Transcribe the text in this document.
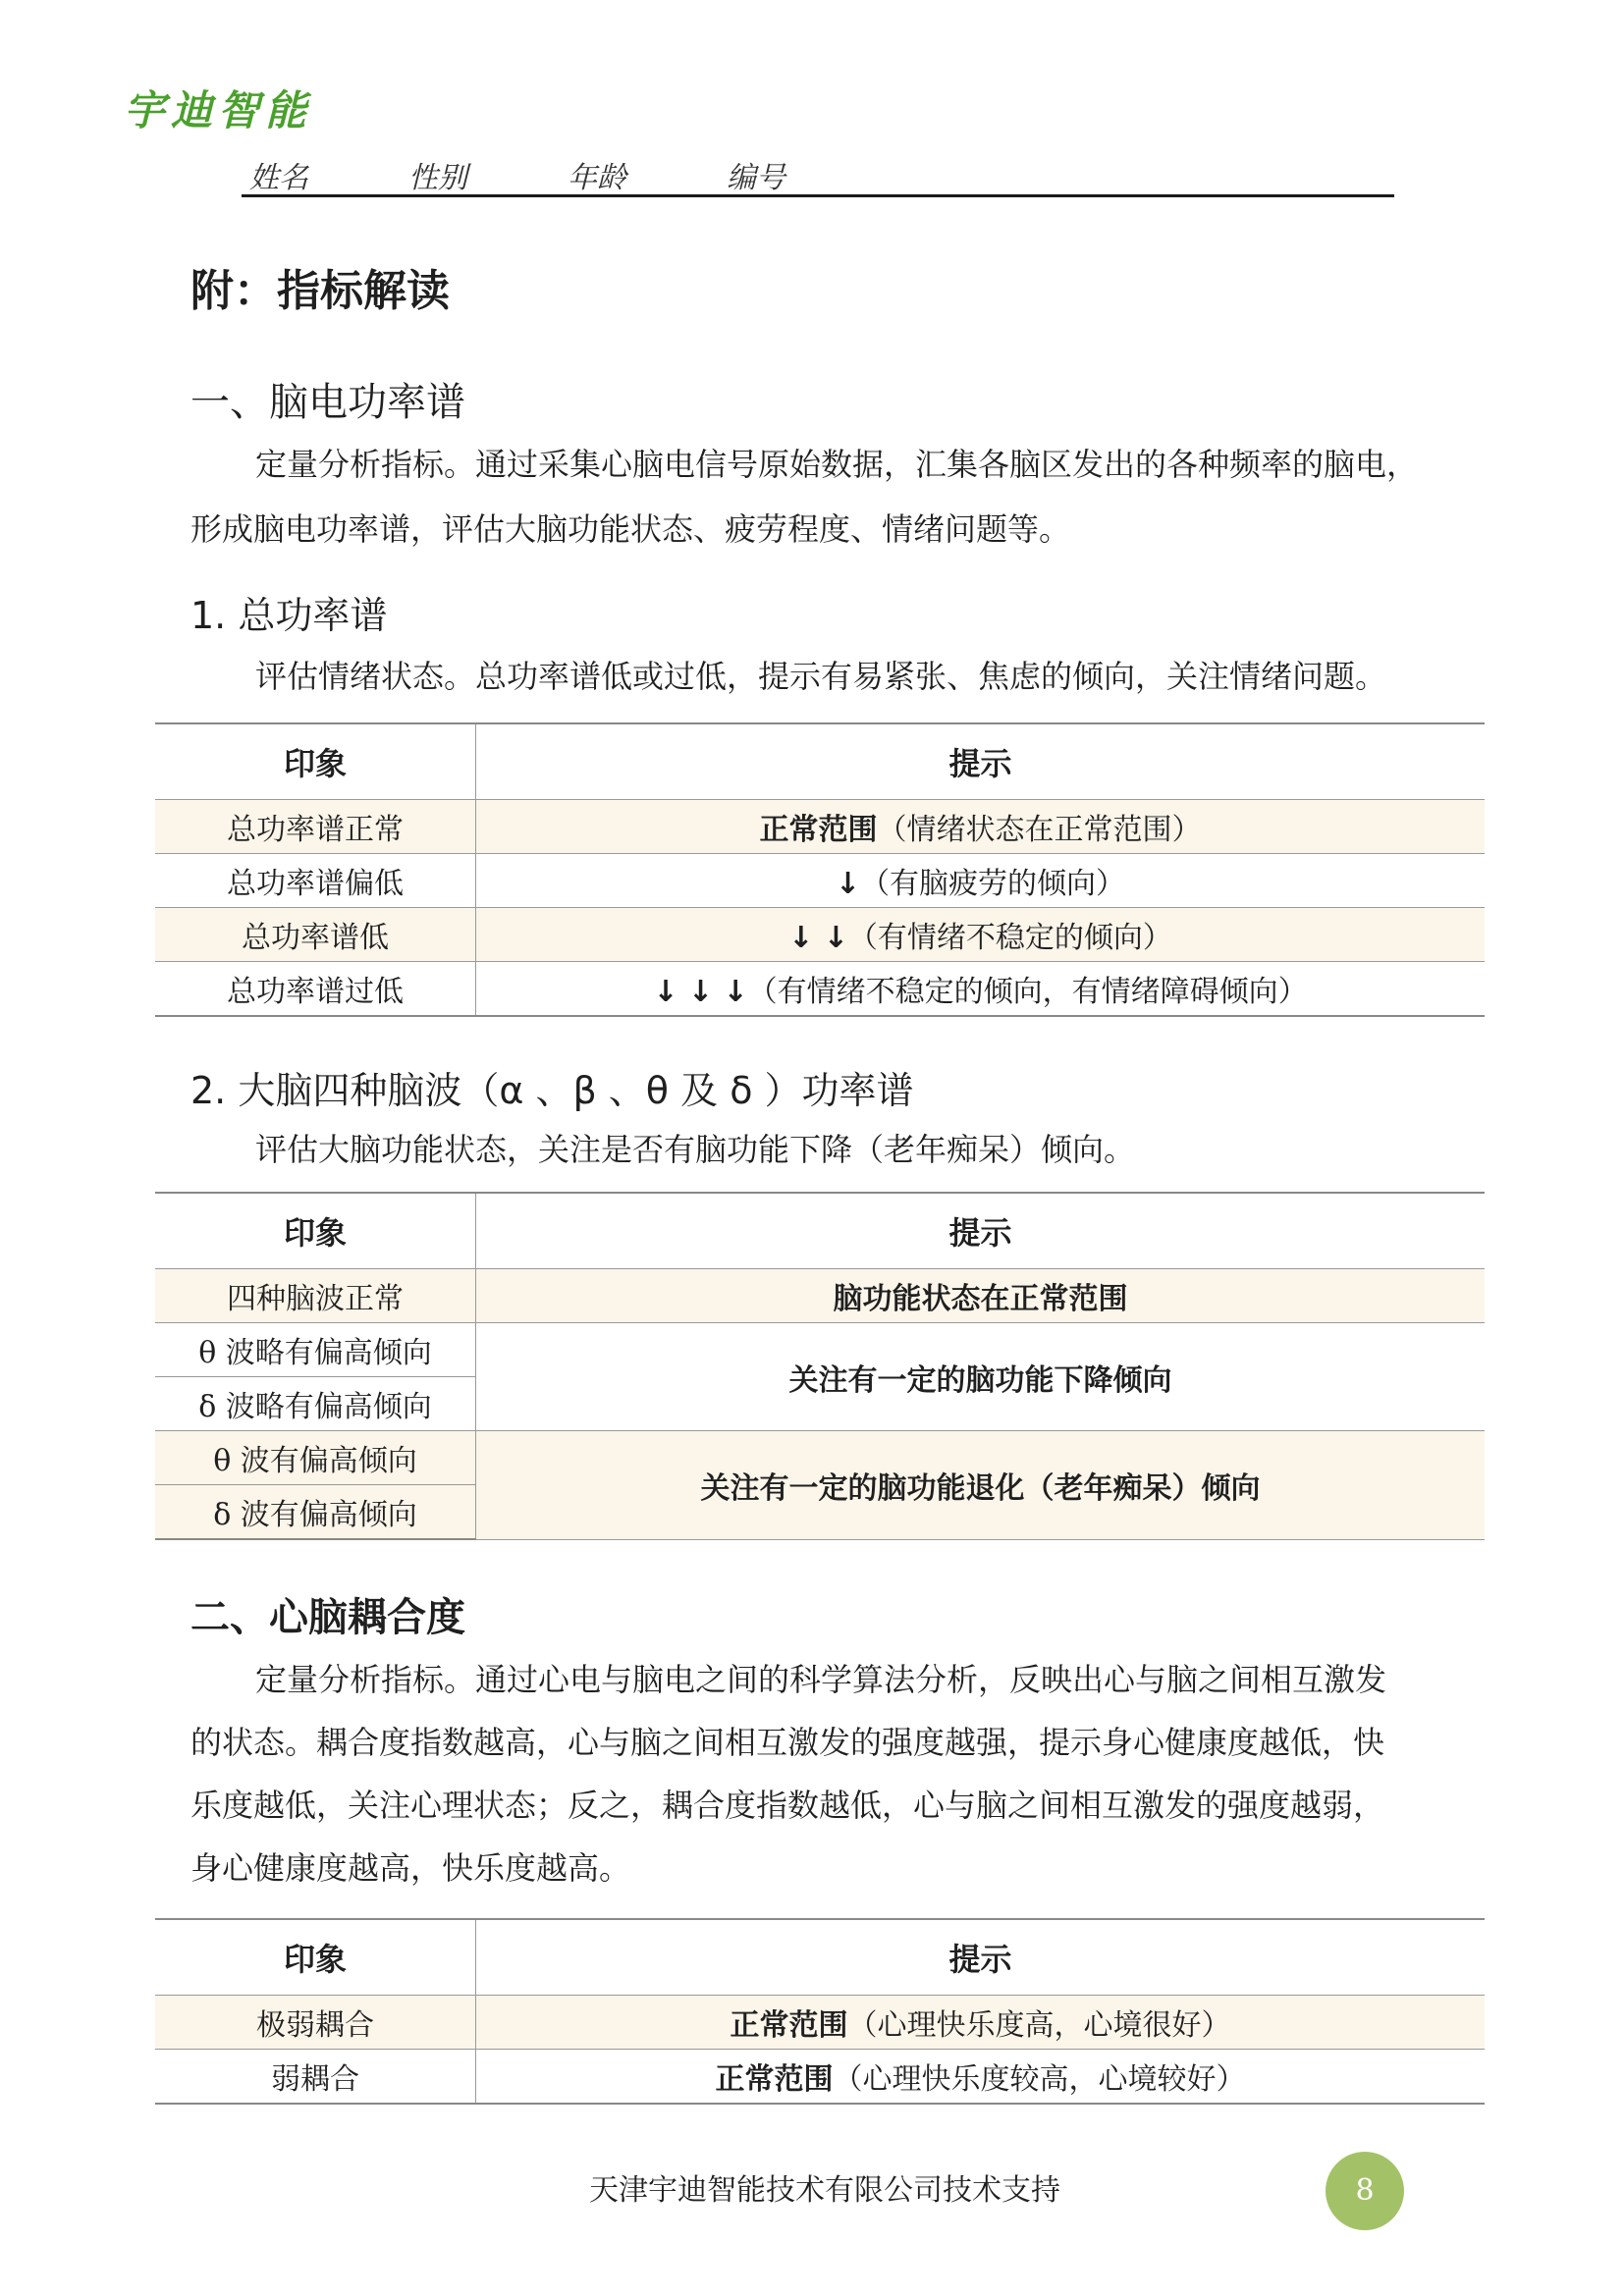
宇迪智能
姓名	性别	年龄	编号
附：指标解读
一、脑电功率谱
定量分析指标。通过采集心脑电信号原始数据，汇集各脑区发出的各种频率的脑电，
形成脑电功率谱，评估大脑功能状态、疲劳程度、情绪问题等。
1. 总功率谱
评估情绪状态。总功率谱低或过低，提示有易紧张、焦虑的倾向，关注情绪问题。
印象	提示
总功率谱正常	正常范围（情绪状态在正常范围）
总功率谱偏低	↓（有脑疲劳的倾向）
总功率谱低	↓ ↓（有情绪不稳定的倾向）
总功率谱过低	↓ ↓ ↓（有情绪不稳定的倾向，有情绪障碍倾向）
2. 大脑四种脑波（α 、β 、θ 及 δ ）功率谱
评估大脑功能状态，关注是否有脑功能下降（老年痴呆）倾向。
印象	提示
四种脑波正常	脑功能状态在正常范围
θ 波略有偏高倾向	关注有一定的脑功能下降倾向
δ 波略有偏高倾向	
θ 波有偏高倾向	关注有一定的脑功能退化（老年痴呆）倾向
δ 波有偏高倾向	
二、心脑耦合度
定量分析指标。通过心电与脑电之间的科学算法分析，反映出心与脑之间相互激发
的状态。耦合度指数越高，心与脑之间相互激发的强度越强，提示身心健康度越低，快
乐度越低，关注心理状态；反之，耦合度指数越低，心与脑之间相互激发的强度越弱，
身心健康度越高，快乐度越高。
印象	提示
极弱耦合	正常范围（心理快乐度高，心境很好）
弱耦合	正常范围（心理快乐度较高，心境较好）
天津宇迪智能技术有限公司技术支持	8
